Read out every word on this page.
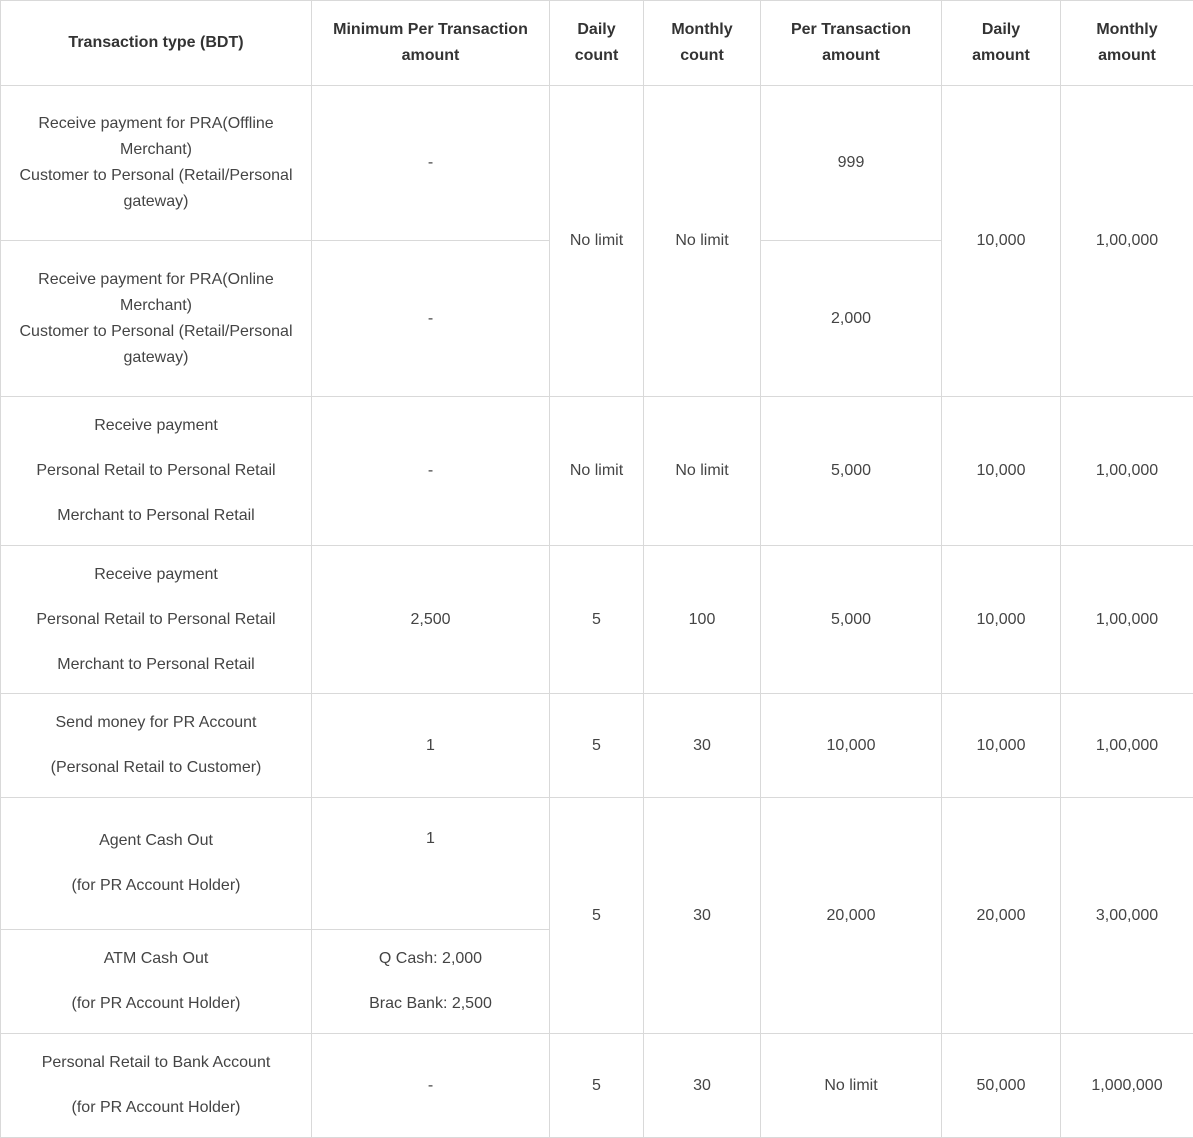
Transaction type (BDT)	Minimum Per Transaction amount	Daily count	Monthly count	Per Transaction amount	Daily amount	Monthly amount

Receive payment for PRA(Offline Merchant)
Customer to Personal (Retail/Personal gateway)	-	No limit	No limit	999	10,000	1,00,000

Receive payment for PRA(Online Merchant)
Customer to Personal (Retail/Personal gateway)	-			2,000		

Receive payment
Personal Retail to Personal Retail
Merchant to Personal Retail	-	No limit	No limit	5,000	10,000	1,00,000

Receive payment
Personal Retail to Personal Retail
Merchant to Personal Retail	2,500	5	100	5,000	10,000	1,00,000

Send money for PR Account
(Personal Retail to Customer)	1	5	30	10,000	10,000	1,00,000

Agent Cash Out
(for PR Account Holder)	1	5	30	20,000	20,000	3,00,000

ATM Cash Out
(for PR Account Holder)	Q Cash: 2,000
Brac Bank: 2,500					

Personal Retail to Bank Account
(for PR Account Holder)	-	5	30	No limit	50,000	1,000,000
